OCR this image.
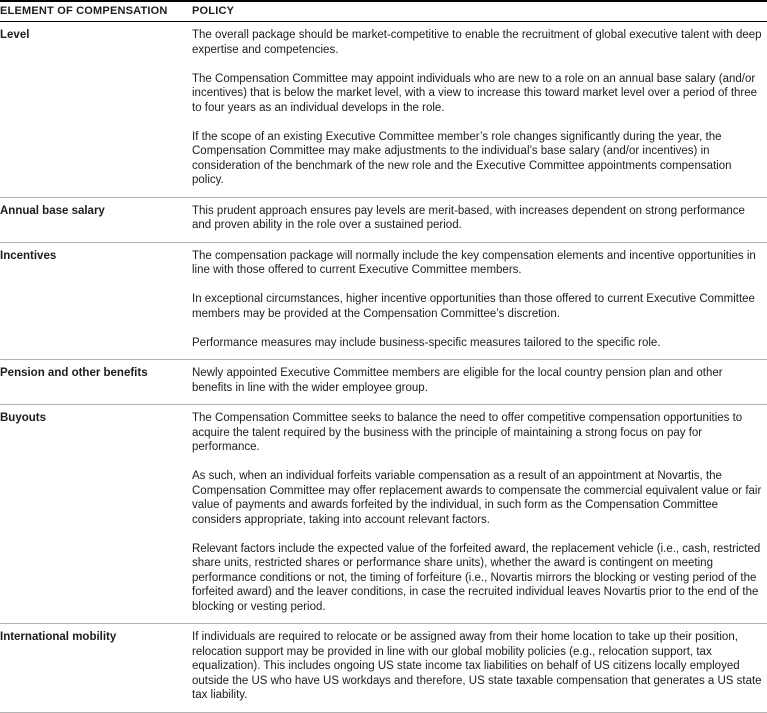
ELEMENT OF COMPENSATION	POLICY
Level	The overall package should be market-competitive to enable the recruitment of global executive talent with deep expertise and competencies.

The Compensation Committee may appoint individuals who are new to a role on an annual base salary (and/or incentives) that is below the market level, with a view to increase this toward market level over a period of three to four years as an individual develops in the role.

If the scope of an existing Executive Committee member’s role changes significantly during the year, the Compensation Committee may make adjustments to the individual’s base salary (and/or incentives) in consideration of the benchmark of the new role and the Executive Committee appointments compensation policy.

Annual base salary	This prudent approach ensures pay levels are merit-based, with increases dependent on strong performance and proven ability in the role over a sustained period.

Incentives	The compensation package will normally include the key compensation elements and incentive opportunities in line with those offered to current Executive Committee members.

In exceptional circumstances, higher incentive opportunities than those offered to current Executive Committee members may be provided at the Compensation Committee’s discretion.

Performance measures may include business-specific measures tailored to the specific role.

Pension and other benefits	Newly appointed Executive Committee members are eligible for the local country pension plan and other benefits in line with the wider employee group.

Buyouts	The Compensation Committee seeks to balance the need to offer competitive compensation opportunities to acquire the talent required by the business with the principle of maintaining a strong focus on pay for performance.

As such, when an individual forfeits variable compensation as a result of an appointment at Novartis, the Compensation Committee may offer replacement awards to compensate the commercial equivalent value or fair value of payments and awards forfeited by the individual, in such form as the Compensation Committee considers appropriate, taking into account relevant factors.

Relevant factors include the expected value of the forfeited award, the replacement vehicle (i.e., cash, restricted share units, restricted shares or performance share units), whether the award is contingent on meeting performance conditions or not, the timing of forfeiture (i.e., Novartis mirrors the blocking or vesting period of the forfeited award) and the leaver conditions, in case the recruited individual leaves Novartis prior to the end of the blocking or vesting period.

International mobility	If individuals are required to relocate or be assigned away from their home location to take up their position, relocation support may be provided in line with our global mobility policies (e.g., relocation support, tax equalization). This includes ongoing US state income tax liabilities on behalf of US citizens locally employed outside the US who have US workdays and therefore, US state taxable compensation that generates a US state tax liability.
